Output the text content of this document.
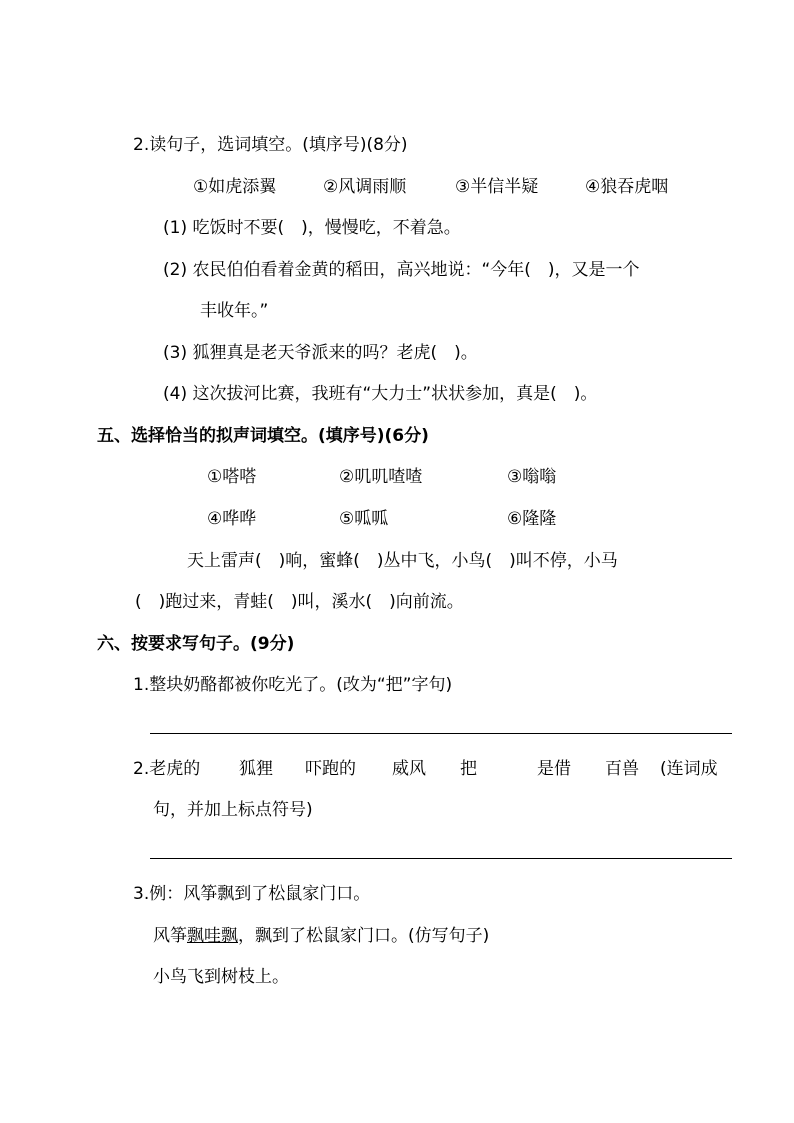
2.读句子，选词填空。(填序号)(8分)
①如虎添翼	②风调雨顺	③半信半疑	④狼吞虎咽
(1) 吃饭时不要(　)，慢慢吃，不着急。
(2) 农民伯伯看着金黄的稻田，高兴地说：“今年(　)，又是一个
丰收年。”
(3) 狐狸真是老天爷派来的吗？老虎(　)。
(4) 这次拔河比赛，我班有“大力士”状状参加，真是(　)。
五、选择恰当的拟声词填空。(填序号)(6分)
①嗒嗒	②叽叽喳喳	③嗡嗡
④哗哗	⑤呱呱	⑥隆隆
天上雷声(　)响，蜜蜂(　)丛中飞，小鸟(　)叫不停，小马
(　)跑过来，青蛙(　)叫，溪水(　)向前流。
六、按要求写句子。(9分)
1.整块奶酪都被你吃光了。(改为“把”字句)
2.老虎的 狐狸 吓跑的 威风 把	是借 百兽 (连词成
句，并加上标点符号)
3.例：风筝飘到了松鼠家门口。
风筝飘哇飘，飘到了松鼠家门口。(仿写句子)
小鸟飞到树枝上。
